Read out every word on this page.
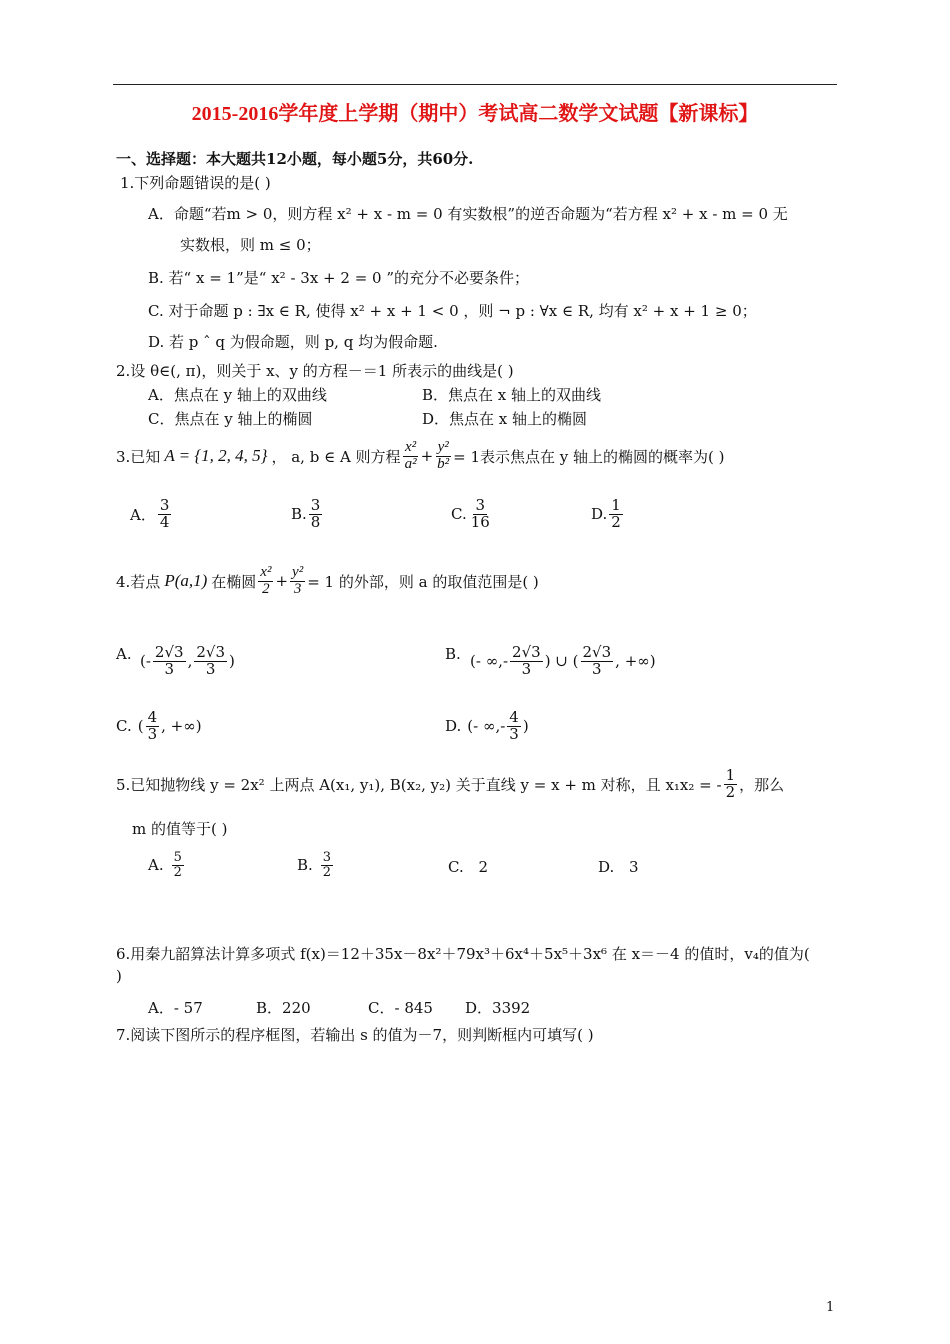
2015-2016学年度上学期（期中）考试高二数学文试题【新课标】
一、选择题：本大题共12小题，每小题5分，共60分.
1.下列命题错误的是( )
A．命题“若m > 0，则方程 x² + x - m = 0 有实数根”的逆否命题为“若方程 x² + x - m = 0 无
实数根，则 m ≤ 0；
B. 若“ x = 1”是“ x² - 3x + 2 = 0 ”的充分不必要条件；
C. 对于命题 p : ∃x ∈ R, 使得 x² + x + 1 < 0 ，则 ¬ p : ∀x ∈ R, 均有 x² + x + 1 ≥ 0；
D. 若 p ˆ q 为假命题，则 p, q 均为假命题.
2.设 θ∈(, π)，则关于 x、y 的方程－＝1 所表示的曲线是( )
A．焦点在 y 轴上的双曲线	B．焦点在 x 轴上的双曲线
C．焦点在 y 轴上的椭圆	D．焦点在 x 轴上的椭圆
3.已知 A = {1, 2, 4, 5} ， a, b ∈ A 则方程 $\frac{\text{x²}}{\text{a²}} + \frac{\text{y²}}{\text{b²}} = 1$表示焦点在 y 轴上的椭圆的概率为( )
A． $\frac{3}{4}$	B. $\frac{3}{8}$	C. $\frac{3}{16}$	D. $\frac{1}{2}$
4.若点 P(a,1) 在椭圆 $\frac{\text{x²}}{2} + \frac{\text{y²}}{3} = 1$ 的外部，则 a 的取值范围是( )
A. (- $\frac{2√3}{3}$ , $\frac{2√3}{3}$ )	B. (- ∞,- $\frac{2√3}{3}$ ) ∪ ( $\frac{2√3}{3}$ , +∞)
C. ( $\frac{4}{3}$ , +∞)	D. (- ∞,- $\frac{4}{3}$ )
5.已知抛物线 y = 2x² 上两点 A(x₁, y₁), B(x₂, y₂) 关于直线 y = x + m 对称，且 x₁x₂ = - $\frac{1}{2}$ ，那么
m 的值等于( )
A. $\frac{5}{2}$	B. $\frac{3}{2}$	C. 2	D. 3
6.用秦九韶算法计算多项式 f(x)＝12＋35x－8x²＋79x³＋6x⁴＋5x⁵＋3x⁶ 在 x＝－4 的值时，v₄的值为(
)
A．- 57	B．220	C．- 845 D．3392
7.阅读下图所示的程序框图，若输出 s 的值为－7，则判断框内可填写( )
1
